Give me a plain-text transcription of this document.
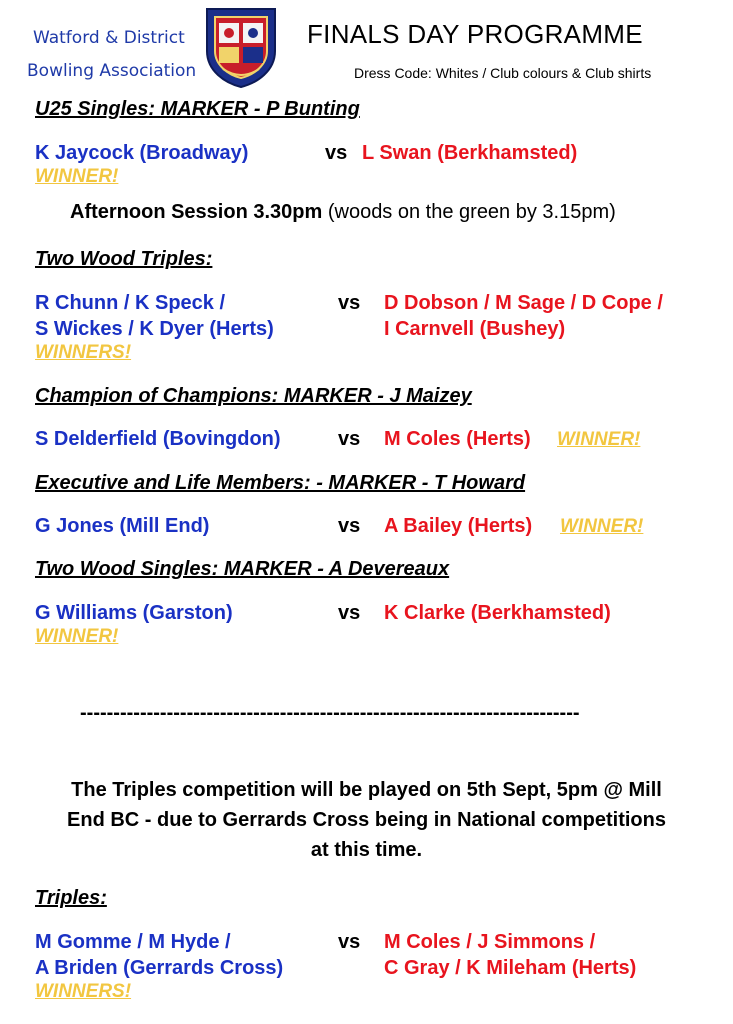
Watford & District
Bowling Association
FINALS DAY PROGRAMME
Dress Code: Whites / Club colours & Club shirts
U25 Singles: MARKER - P Bunting
K Jaycock (Broadway)	vs L Swan (Berkhamsted)
WINNER!
Afternoon Session 3.30pm (woods on the green by 3.15pm)
Two Wood Triples:
R Chunn / K Speck /
S Wickes / K Dyer (Herts)
vs D Dobson / M Sage / D Cope /
I Carnvell (Bushey)
WINNERS!
Champion of Champions: MARKER - J Maizey
S Delderfield (Bovingdon)	vs M Coles (Herts) WINNER!
Executive and Life Members: - MARKER - T Howard
G Jones (Mill End)	vs A Bailey (Herts) WINNER!
Two Wood Singles: MARKER - A Devereaux
G Williams (Garston)	vs K Clarke (Berkhamsted)
WINNER!
---------------------------------------------------------------------------
The Triples competition will be played on 5th Sept, 5pm @ Mill
End BC - due to Gerrards Cross being in National competitions
at this time.
Triples:
M Gomme / M Hyde /
A Briden (Gerrards Cross)
vs M Coles / J Simmons /
C Gray / K Mileham (Herts)
WINNERS!
